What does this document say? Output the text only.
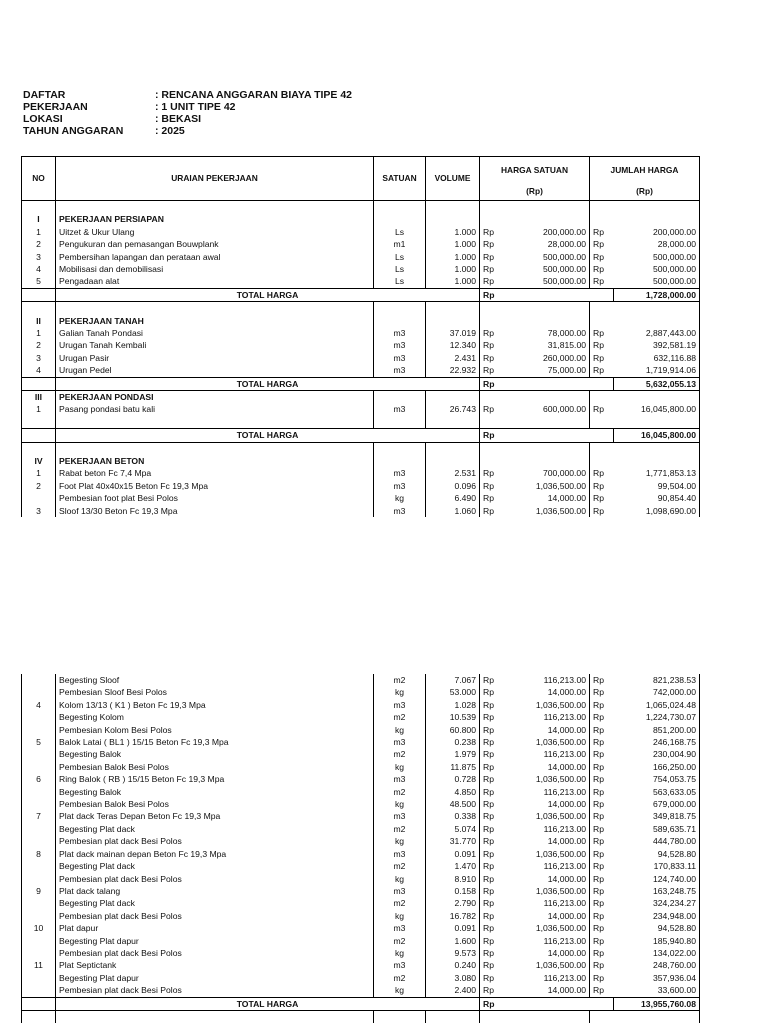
DAFTAR	: RENCANA ANGGARAN BIAYA TIPE 42
PEKERJAAN	: 1 UNIT TIPE 42
LOKASI	: BEKASI
TAHUN ANGGARAN	: 2025
NO	URAIAN PEKERJAAN	SATUAN	VOLUME	HARGA SATUAN		JUMLAH HARGA	
				(Rp)		(Rp)	

I	PEKERJAAN PERSIAPAN						
1	Uitzet & Ukur Ulang	Ls	1.000	Rp	200,000.00	Rp	200,000.00
2	Pengukuran dan pemasangan Bouwplank	m1	1.000	Rp	28,000.00	Rp	28,000.00
3	Pembersihan lapangan dan perataan awal	Ls	1.000	Rp	500,000.00	Rp	500,000.00
4	Mobilisasi dan demobilisasi	Ls	1.000	Rp	500,000.00	Rp	500,000.00
5	Pengadaan alat	Ls	1.000	Rp	500,000.00	Rp	500,000.00
	TOTAL HARGA			Rp			1,728,000.00

II	PEKERJAAN TANAH						
1	Galian Tanah Pondasi	m3	37.019	Rp	78,000.00	Rp	2,887,443.00
2	Urugan Tanah Kembali	m3	12.340	Rp	31,815.00	Rp	392,581.19
3	Urugan Pasir	m3	2.431	Rp	260,000.00	Rp	632,116.88
4	Urugan Pedel	m3	22.932	Rp	75,000.00	Rp	1,719,914.06
	TOTAL HARGA			Rp			5,632,055.13
III	PEKERJAAN PONDASI						
1	Pasang pondasi batu kali	m3	26.743	Rp	600,000.00	Rp	16,045,800.00

	TOTAL HARGA			Rp			16,045,800.00

IV	PEKERJAAN BETON						
1	Rabat beton Fc 7,4 Mpa	m3	2.531	Rp	700,000.00	Rp	1,771,853.13
2	Foot Plat 40x40x15 Beton Fc 19,3 Mpa	m3	0.096	Rp	1,036,500.00	Rp	99,504.00
	Pembesian foot plat Besi Polos	kg	6.490	Rp	14,000.00	Rp	90,854.40
3	Sloof 13/30 Beton Fc 19,3 Mpa	m3	1.060	Rp	1,036,500.00	Rp	1,098,690.00
	Begesting Sloof	m2	7.067	Rp	116,213.00	Rp	821,238.53
	Pembesian Sloof Besi Polos	kg	53.000	Rp	14,000.00	Rp	742,000.00
4	Kolom 13/13 ( K1 ) Beton Fc 19,3 Mpa	m3	1.028	Rp	1,036,500.00	Rp	1,065,024.48
	Begesting Kolom	m2	10.539	Rp	116,213.00	Rp	1,224,730.07
	Pembesian Kolom Besi Polos	kg	60.800	Rp	14,000.00	Rp	851,200.00
5	Balok Latai ( BL1 ) 15/15 Beton Fc 19,3 Mpa	m3	0.238	Rp	1,036,500.00	Rp	246,168.75
	Begesting Balok	m2	1.979	Rp	116,213.00	Rp	230,004.90
	Pembesian Balok Besi Polos	kg	11.875	Rp	14,000.00	Rp	166,250.00
6	Ring Balok ( RB ) 15/15 Beton Fc 19,3 Mpa	m3	0.728	Rp	1,036,500.00	Rp	754,053.75
	Begesting Balok	m2	4.850	Rp	116,213.00	Rp	563,633.05
	Pembesian Balok Besi Polos	kg	48.500	Rp	14,000.00	Rp	679,000.00
7	Plat dack Teras Depan Beton Fc 19,3 Mpa	m3	0.338	Rp	1,036,500.00	Rp	349,818.75
	Begesting Plat dack	m2	5.074	Rp	116,213.00	Rp	589,635.71
	Pembesian plat dack Besi Polos	kg	31.770	Rp	14,000.00	Rp	444,780.00
8	Plat dack mainan depan Beton Fc 19,3 Mpa	m3	0.091	Rp	1,036,500.00	Rp	94,528.80
	Begesting Plat dack	m2	1.470	Rp	116,213.00	Rp	170,833.11
	Pembesian plat dack Besi Polos	kg	8.910	Rp	14,000.00	Rp	124,740.00
9	Plat dack talang	m3	0.158	Rp	1,036,500.00	Rp	163,248.75
	Begesting Plat dack	m2	2.790	Rp	116,213.00	Rp	324,234.27
	Pembesian plat dack Besi Polos	kg	16.782	Rp	14,000.00	Rp	234,948.00
10	Plat dapur	m3	0.091	Rp	1,036,500.00	Rp	94,528.80
	Begesting Plat dapur	m2	1.600	Rp	116,213.00	Rp	185,940.80
	Pembesian plat dack Besi Polos	kg	9.573	Rp	14,000.00	Rp	134,022.00
11	Plat Septictank	m3	0.240	Rp	1,036,500.00	Rp	248,760.00
	Begesting Plat dapur	m2	3.080	Rp	116,213.00	Rp	357,936.04
	Pembesian plat dack Besi Polos	kg	2.400	Rp	14,000.00	Rp	33,600.00
	TOTAL HARGA			Rp			13,955,760.08
